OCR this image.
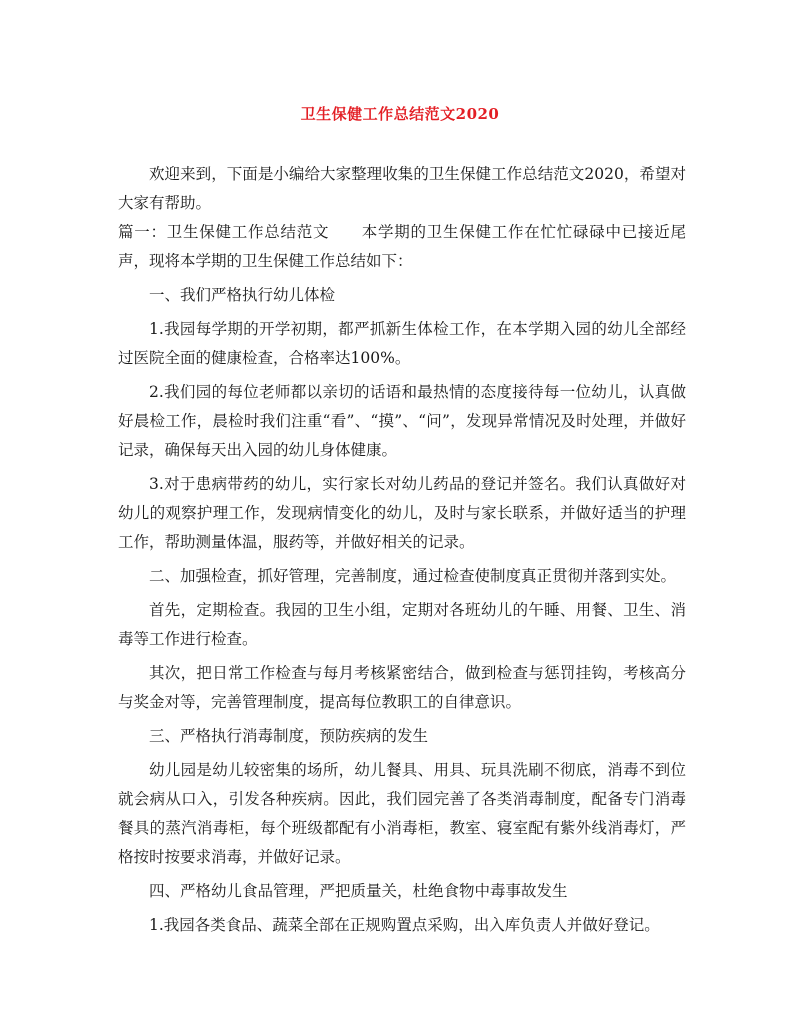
卫生保健工作总结范文2020

欢迎来到，下面是小编给大家整理收集的卫生保健工作总结范文2020，希望对大家有帮助。

篇一：卫生保健工作总结范文　　本学期的卫生保健工作在忙忙碌碌中已接近尾声，现将本学期的卫生保健工作总结如下：

一、我们严格执行幼儿体检

1.我园每学期的开学初期，都严抓新生体检工作，在本学期入园的幼儿全部经过医院全面的健康检查，合格率达100%。

2.我们园的每位老师都以亲切的话语和最热情的态度接待每一位幼儿，认真做好晨检工作，晨检时我们注重“看”、“摸”、“问”，发现异常情况及时处理，并做好记录，确保每天出入园的幼儿身体健康。

3.对于患病带药的幼儿，实行家长对幼儿药品的登记并签名。我们认真做好对幼儿的观察护理工作，发现病情变化的幼儿，及时与家长联系，并做好适当的护理工作，帮助测量体温，服药等，并做好相关的记录。

二、加强检查，抓好管理，完善制度，通过检查使制度真正贯彻并落到实处。

首先，定期检查。我园的卫生小组，定期对各班幼儿的午睡、用餐、卫生、消毒等工作进行检查。

其次，把日常工作检查与每月考核紧密结合，做到检查与惩罚挂钩，考核高分与奖金对等，完善管理制度，提高每位教职工的自律意识。

三、严格执行消毒制度，预防疾病的发生

幼儿园是幼儿较密集的场所，幼儿餐具、用具、玩具洗刷不彻底，消毒不到位就会病从口入，引发各种疾病。因此，我们园完善了各类消毒制度，配备专门消毒餐具的蒸汽消毒柜，每个班级都配有小消毒柜，教室、寝室配有紫外线消毒灯，严格按时按要求消毒，并做好记录。

四、严格幼儿食品管理，严把质量关，杜绝食物中毒事故发生

1.我园各类食品、蔬菜全部在正规购置点采购，出入库负责人并做好登记。
